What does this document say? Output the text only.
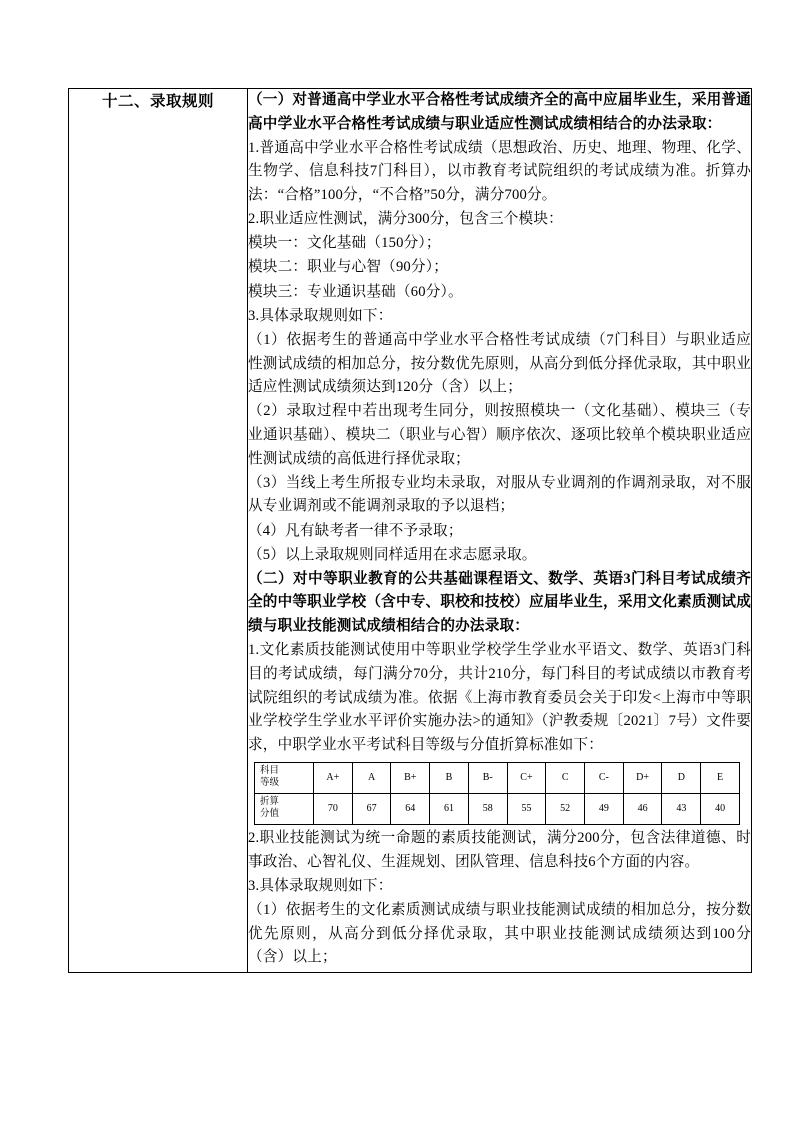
十二、录取规则	（一）对普通高中学业水平合格性考试成绩齐全的高中应届毕业生，采用普通高中学业水平合格性考试成绩与职业适应性测试成绩相结合的办法录取：

1.普通高中学业水平合格性考试成绩（思想政治、历史、地理、物理、化学、生物学、信息科技7门科目），以市教育考试院组织的考试成绩为准。折算办法：“合格”100分，“不合格”50分，满分700分。

2.职业适应性测试，满分300分，包含三个模块：

模块一：文化基础（150分）；

模块二：职业与心智（90分）；

模块三：专业通识基础（60分）。

3.具体录取规则如下：

（1）依据考生的普通高中学业水平合格性考试成绩（7门科目）与职业适应性测试成绩的相加总分，按分数优先原则，从高分到低分择优录取，其中职业适应性测试成绩须达到120分（含）以上；

（2）录取过程中若出现考生同分，则按照模块一（文化基础）、模块三（专业通识基础）、模块二（职业与心智）顺序依次、逐项比较单个模块职业适应性测试成绩的高低进行择优录取；

（3）当线上考生所报专业均未录取，对服从专业调剂的作调剂录取，对不服从专业调剂或不能调剂录取的予以退档；

（4）凡有缺考者一律不予录取；

（5）以上录取规则同样适用在求志愿录取。

（二）对中等职业教育的公共基础课程语文、数学、英语3门科目考试成绩齐全的中等职业学校（含中专、职校和技校）应届毕业生，采用文化素质测试成绩与职业技能测试成绩相结合的办法录取：

1.文化素质技能测试使用中等职业学校学生学业水平语文、数学、英语3门科目的考试成绩，每门满分70分，共计210分，每门科目的考试成绩以市教育考试院组织的考试成绩为准。依据《上海市教育委员会关于印发<上海市中等职业学校学生学业水平评价实施办法>的通知》（沪教委规〔2021〕7号）文件要求，中职学业水平考试科目等级与分值折算标准如下：

科目
等级	A+	A	B+	B	B-	C+	C	C-	D+	D	E

折算
分值	70	67	64	61	58	55	52	49	46	43	40

2.职业技能测试为统一命题的素质技能测试，满分200分，包含法律道德、时事政治、心智礼仪、生涯规划、团队管理、信息科技6个方面的内容。

3.具体录取规则如下：

（1）依据考生的文化素质测试成绩与职业技能测试成绩的相加总分，按分数优先原则，从高分到低分择优录取，其中职业技能测试成绩须达到100分（含）以上；
